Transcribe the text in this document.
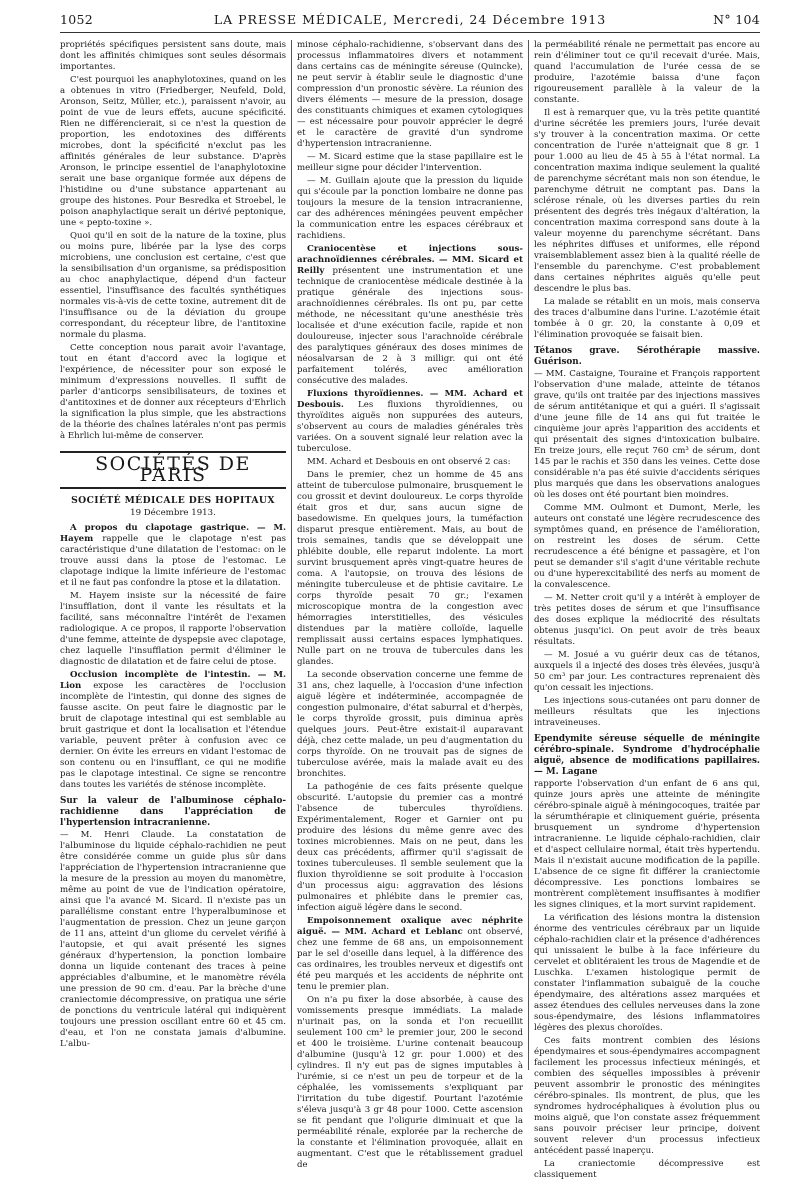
1052	LA PRESSE MÉDICALE, Mercredi, 24 Décembre 1913	N° 104

propriétés spécifiques persistent sans doute, mais dont les affinités chimiques sont seules désormais importantes.

C'est pourquoi les anaphylotoxines, quand on les a obtenues in vitro (Friedberger, Neufeld, Dold, Aronson, Seitz, Müller, etc.), paraissent n'avoir, au point de vue de leurs effets, aucune spécificité. Rien ne différencierait, si ce n'est la question de proportion, les endotoxines des différents microbes, dont la spécificité n'exclut pas les affinités générales de leur substance. D'après Aronson, le principe essentiel de l'anaphylotoxine serait une base organique formée aux dépens de l'histidine ou d'une substance appartenant au groupe des histones. Pour Besredka et Stroebel, le poison anaphylactique serait un dérivé peptonique, une « pepto-toxine ».

Quoi qu'il en soit de la nature de la toxine, plus ou moins pure, libérée par la lyse des corps microbiens, une conclusion est certaine, c'est que la sensibilisation d'un organisme, sa prédisposition au choc anaphylactique, dépend d'un facteur essentiel, l'insuffisance des facultés synthétiques normales vis-à-vis de cette toxine, autrement dit de l'insuffisance ou de la déviation du groupe correspondant, du récepteur libre, de l'antitoxine normale du plasma.

Cette conception nous parait avoir l'avantage, tout en étant d'accord avec la logique et l'expérience, de nécessiter pour son exposé le minimum d'expressions nouvelles. Il suffit de parler d'anticorps sensibilisateurs, de toxines et d'antitoxines et de donner aux récepteurs d'Ehrlich la signification la plus simple, que les abstractions de la théorie des chaînes latérales n'ont pas permis à Ehrlich lui-même de conserver.

SOCIÉTÉS DE PARIS
SOCIÉTÉ MÉDICALE DES HOPITAUX
19 Décembre 1913.

A propos du clapotage gastrique. — M. Hayem rappelle que le clapotage n'est pas caractéristique d'une dilatation de l'estomac: on le trouve aussi dans la ptose de l'estomac. Le clapotage indique la limite inférieure de l'estomac et il ne faut pas confondre la ptose et la dilatation.

M. Hayem insiste sur la nécessité de faire l'insufflation, dont il vante les résultats et la facilité, sans méconnaître l'intérêt de l'examen radiologique. A ce propos, il rapporte l'observation d'une femme, atteinte de dyspepsie avec clapotage, chez laquelle l'insufflation permit d'éliminer le diagnostic de dilatation et de faire celui de ptose.

Occlusion incomplète de l'intestin. — M. Lion expose les caractères de l'occlusion incomplète de l'intestin, qui donne des signes de fausse ascite. On peut faire le diagnostic par le bruit de clapotage intestinal qui est semblable au bruit gastrique et dont la localisation et l'étendue variable, peuvent prêter à confusion avec ce dernier. On évite les erreurs en vidant l'estomac de son contenu ou en l'insufflant, ce qui ne modifie pas le clapotage intestinal. Ce signe se rencontre dans toutes les variétés de sténose incomplète.

Sur la valeur de l'albuminose céphalo-rachidienne dans l'appréciation de l'hypertension intracranienne.

— M. Henri Claude. La constatation de l'albuminose du liquide céphalo-rachidien ne peut être considérée comme un guide plus sûr dans l'appréciation de l'hypertension intracranienne que la mesure de la pression au moyen du manomètre, même au point de vue de l'indication opératoire, ainsi que l'a avancé M. Sicard. Il n'existe pas un parallélisme constant entre l'hyperalbuminose et l'augmentation de pression. Chez un jeune garçon de 11 ans, atteint d'un gliome du cervelet vérifié à l'autopsie, et qui avait présenté les signes généraux d'hypertension, la ponction lombaire donna un liquide contenant des traces à peine appréciables d'albumine, et le manomètre révéla une pression de 90 cm. d'eau. Par la brèche d'une craniectomie décompressive, on pratiqua une série de ponctions du ventricule latéral qui indiquèrent toujours une pression oscillant entre 60 et 45 cm. d'eau, et l'on ne constata jamais d'albumine. L'albu-

minose céphalo-rachidienne, s'observant dans des processus inflammatoires divers et notamment dans certains cas de méningite séreuse (Quincke), ne peut servir à établir seule le diagnostic d'une compression d'un pronostic sévère. La réunion des divers éléments — mesure de la pression, dosage des constituants chimiques et examen cytologiques — est nécessaire pour pouvoir apprécier le degré et le caractère de gravité d'un syndrome d'hypertension intracranienne.

— M. Sicard estime que la stase papillaire est le meilleur signe pour décider l'intervention.

— M. Guillain ajoute que la pression du liquide qui s'écoule par la ponction lombaire ne donne pas toujours la mesure de la tension intracranienne, car des adhérences méningées peuvent empêcher la communication entre les espaces cérébraux et rachidiens.

Craniocentèse et injections sous-arachnoïdiennes cérébrales. — MM. Sicard et Reilly présentent une instrumentation et une technique de craniocentèse médicale destinée à la pratique générale des injections sous-arachnoïdiennes cérébrales. Ils ont pu, par cette méthode, ne nécessitant qu'une anesthésie très localisée et d'une exécution facile, rapide et non douloureuse, injecter sous l'arachnoïde cérébrale des paralytiques généraux des doses minimes de néosalvarsan de 2 à 3 milligr. qui ont été parfaitement tolérés, avec amélioration consécutive des malades.

Fluxions thyroïdiennes. — MM. Achard et Desbouis. Les fluxions thyroïdiennes, ou thyroïdites aiguës non suppurées des auteurs, s'observent au cours de maladies générales très variées. On a souvent signalé leur relation avec la tuberculose.

MM. Achard et Desbouis en ont observé 2 cas:

Dans le premier, chez un homme de 45 ans atteint de tuberculose pulmonaire, brusquement le cou grossit et devint douloureux. Le corps thyroïde était gros et dur, sans aucun signe de basedowisme. En quelques jours, la tuméfaction disparut presque entièrement. Mais, au bout de trois semaines, tandis que se développait une phlébite double, elle reparut indolente. La mort survint brusquement après vingt-quatre heures de coma. A l'autopsie, on trouva des lésions de méningite tuberculeuse et de phtisie cavitaire. Le corps thyroïde pesait 70 gr.; l'examen microscopique montra de la congestion avec hémorragies interstitielles, des vésicules distendues par la matière colloïde, laquelle remplissait aussi certains espaces lymphatiques. Nulle part on ne trouva de tubercules dans les glandes.

La seconde observation concerne une femme de 31 ans, chez laquelle, à l'occasion d'une infection aiguë légère et indéterminée, accompagnée de congestion pulmonaire, d'état saburral et d'herpès, le corps thyroïde grossit, puis diminua après quelques jours. Peut-être existait-il auparavant déjà, chez cette malade, un peu d'augmentation du corps thyroïde. On ne trouvait pas de signes de tuberculose avérée, mais la malade avait eu des bronchites.

La pathogénie de ces faits présente quelque obscurité. L'autopsie du premier cas a montré l'absence de tubercules thyroïdiens. Expérimentalement, Roger et Garnier ont pu produire des lésions du même genre avec des toxines microbiennes. Mais on ne peut, dans les deux cas précédents, affirmer qu'il s'agissait de toxines tuberculeuses. Il semble seulement que la fluxion thyroïdienne se soit produite à l'occasion d'un processus aigu: aggravation des lésions pulmonaires et phlébite dans le premier cas, infection aiguë légère dans le second.

Empoisonnement oxalique avec néphrite aiguë. — MM. Achard et Leblanc ont observé, chez une femme de 68 ans, un empoisonnement par le sel d'oseille dans lequel, à la différence des cas ordinaires, les troubles nerveux et digestifs ont été peu marqués et les accidents de néphrite ont tenu le premier plan.

On n'a pu fixer la dose absorbée, à cause des vomissements presque immédiats. La malade n'urinait pas, on la sonda et l'on recueillit seulement 100 cm³ le premier jour, 200 le second et 400 le troisième. L'urine contenait beaucoup d'albumine (jusqu'à 12 gr. pour 1.000) et des cylindres. Il n'y eut pas de signes imputables à l'urémie, si ce n'est un peu de torpeur et de la céphalée, les vomissements s'expliquant par l'irritation du tube digestif. Pourtant l'azotémie s'éleva jusqu'à 3 gr 48 pour 1000. Cette ascension se fit pendant que l'oligurie diminuait et que la perméabilité rénale, explorée par la recherche de la constante et l'élimination provoquée, allait en augmentant. C'est que le rétablissement graduel de

la perméabilité rénale ne permettait pas encore au rein d'éliminer tout ce qu'il recevait d'urée. Mais, quand l'accumulation de l'urée cessa de se produire, l'azotémie baissa d'une façon rigoureusement parallèle à la valeur de la constante.

Il est à remarquer que, vu la très petite quantité d'urine sécrétée les premiers jours, l'urée devait s'y trouver à la concentration maxima. Or cette concentration de l'urée n'atteignait que 8 gr. 1 pour 1.000 au lieu de 45 à 55 à l'état normal. La concentration maxima indique seulement la qualité de parenchyme sécrétant mais non son étendue, le parenchyme détruit ne comptant pas. Dans la sclérose rénale, où les diverses parties du rein présentent des degrés très inégaux d'altération, la concentration maxima correspond sans doute à la valeur moyenne du parenchyme sécrétant. Dans les néphrites diffuses et uniformes, elle répond vraisemblablement assez bien à la qualité réelle de l'ensemble du parenchyme. C'est probablement dans certaines néphrites aiguës qu'elle peut descendre le plus bas.

La malade se rétablit en un mois, mais conserva des traces d'albumine dans l'urine. L'azotémie était tombée à 0 gr. 20, la constante à 0,09 et l'élimination provoquée se faisait bien.

Tétanos grave. Sérothérapie massive. Guérison.

— MM. Castaigne, Touraine et François rapportent l'observation d'une malade, atteinte de tétanos grave, qu'ils ont traitée par des injections massives de sérum antitétanique et qui a guéri. Il s'agissait d'une jeune fille de 14 ans qui fut traitée le cinquième jour après l'apparition des accidents et qui présentait des signes d'intoxication bulbaire. En treize jours, elle reçut 760 cm³ de sérum, dont 145 par le rachis et 350 dans les veines. Cette dose considérable n'a pas été suivie d'accidents sériques plus marqués que dans les observations analogues où les doses ont été pourtant bien moindres.

Comme MM. Oulmont et Dumont, Merle, les auteurs ont constaté une légère recrudescence des symptômes quand, en présence de l'amélioration, on restreint les doses de sérum. Cette recrudescence a été bénigne et passagère, et l'on peut se demander s'il s'agit d'une véritable rechute ou d'une hyperexcitabilité des nerfs au moment de la convalescence.

— M. Netter croit qu'il y a intérêt à employer de très petites doses de sérum et que l'insuffisance des doses explique la médiocrité des résultats obtenus jusqu'ici. On peut avoir de très beaux résultats.

— M. Josué a vu guérir deux cas de tétanos, auxquels il a injecté des doses très élevées, jusqu'à 50 cm³ par jour. Les contractures reprenaient dès qu'on cessait les injections.

Les injections sous-cutanées ont paru donner de meilleurs résultats que les injections intraveineuses.

Ependymite séreuse séquelle de méningite cérébro-spinale. Syndrome d'hydrocéphalie aiguë, absence de modifications papillaires. — M. Lagane

rapporte l'observation d'un enfant de 6 ans qui, quinze jours après une atteinte de méningite cérébro-spinale aiguë à méningocoques, traitée par la sérumthérapie et cliniquement guérie, présenta brusquement un syndrome d'hypertension intracranienne. Le liquide céphalo-rachidien, clair et d'aspect cellulaire normal, était très hypertendu. Mais il n'existait aucune modification de la papille. L'absence de ce signe fit différer la craniectomie décompressive. Les ponctions lombaires se montrèrent complètement insuffisantes à modifier les signes cliniques, et la mort survint rapidement.

La vérification des lésions montra la distension énorme des ventricules cérébraux par un liquide céphalo-rachidien clair et la présence d'adhérences qui unissaient le bulbe à la face inférieure du cervelet et oblitéraient les trous de Magendie et de Luschka. L'examen histologique permit de constater l'inflammation subaiguë de la couche épendymaire, des altérations assez marquées et assez étendues des cellules nerveuses dans la zone sous-épendymaire, des lésions inflammatoires légères des plexus choroïdes.

Ces faits montrent combien des lésions épendymaires et sous-épendymaires accompagnent facilement les processus infectieux méningés, et combien des séquelles impossibles à prévenir peuvent assombrir le pronostic des méningites cérébro-spinales. Ils montrent, de plus, que les syndromes hydrocéphaliques à évolution plus ou moins aiguë, que l'on constate assez fréquemment sans pouvoir préciser leur principe, doivent souvent relever d'un processus infectieux antécédent passé inaperçu.

La craniectomie décompressive est classiquement
